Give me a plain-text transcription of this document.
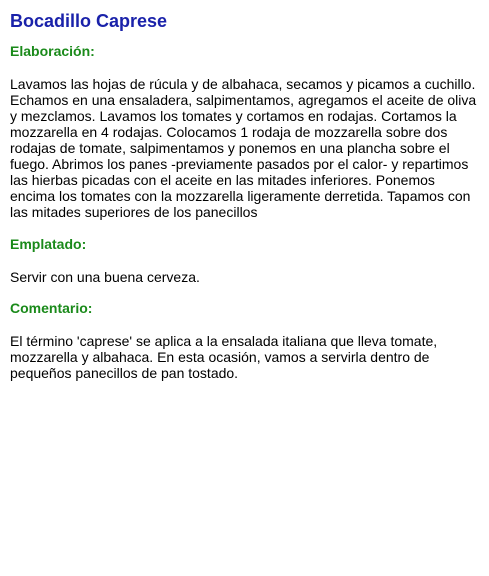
Bocadillo Caprese
Elaboración:

Lavamos las hojas de rúcula y de albahaca, secamos y picamos a cuchillo. Echamos en una ensaladera, salpimentamos, agregamos el aceite de oliva y mezclamos. Lavamos los tomates y cortamos en rodajas. Cortamos la mozzarella en 4 rodajas. Colocamos 1 rodaja de mozzarella sobre dos rodajas de tomate, salpimentamos y ponemos en una plancha sobre el fuego. Abrimos los panes -previamente pasados por el calor- y repartimos las hierbas picadas con el aceite en las mitades inferiores. Ponemos encima los tomates con la mozzarella ligeramente derretida. Tapamos con las mitades superiores de los panecillos

Emplatado:

Servir con una buena cerveza.

Comentario:

El término 'caprese' se aplica a la ensalada italiana que lleva tomate, mozzarella y albahaca. En esta ocasión, vamos a servirla dentro de pequeños panecillos de pan tostado.
